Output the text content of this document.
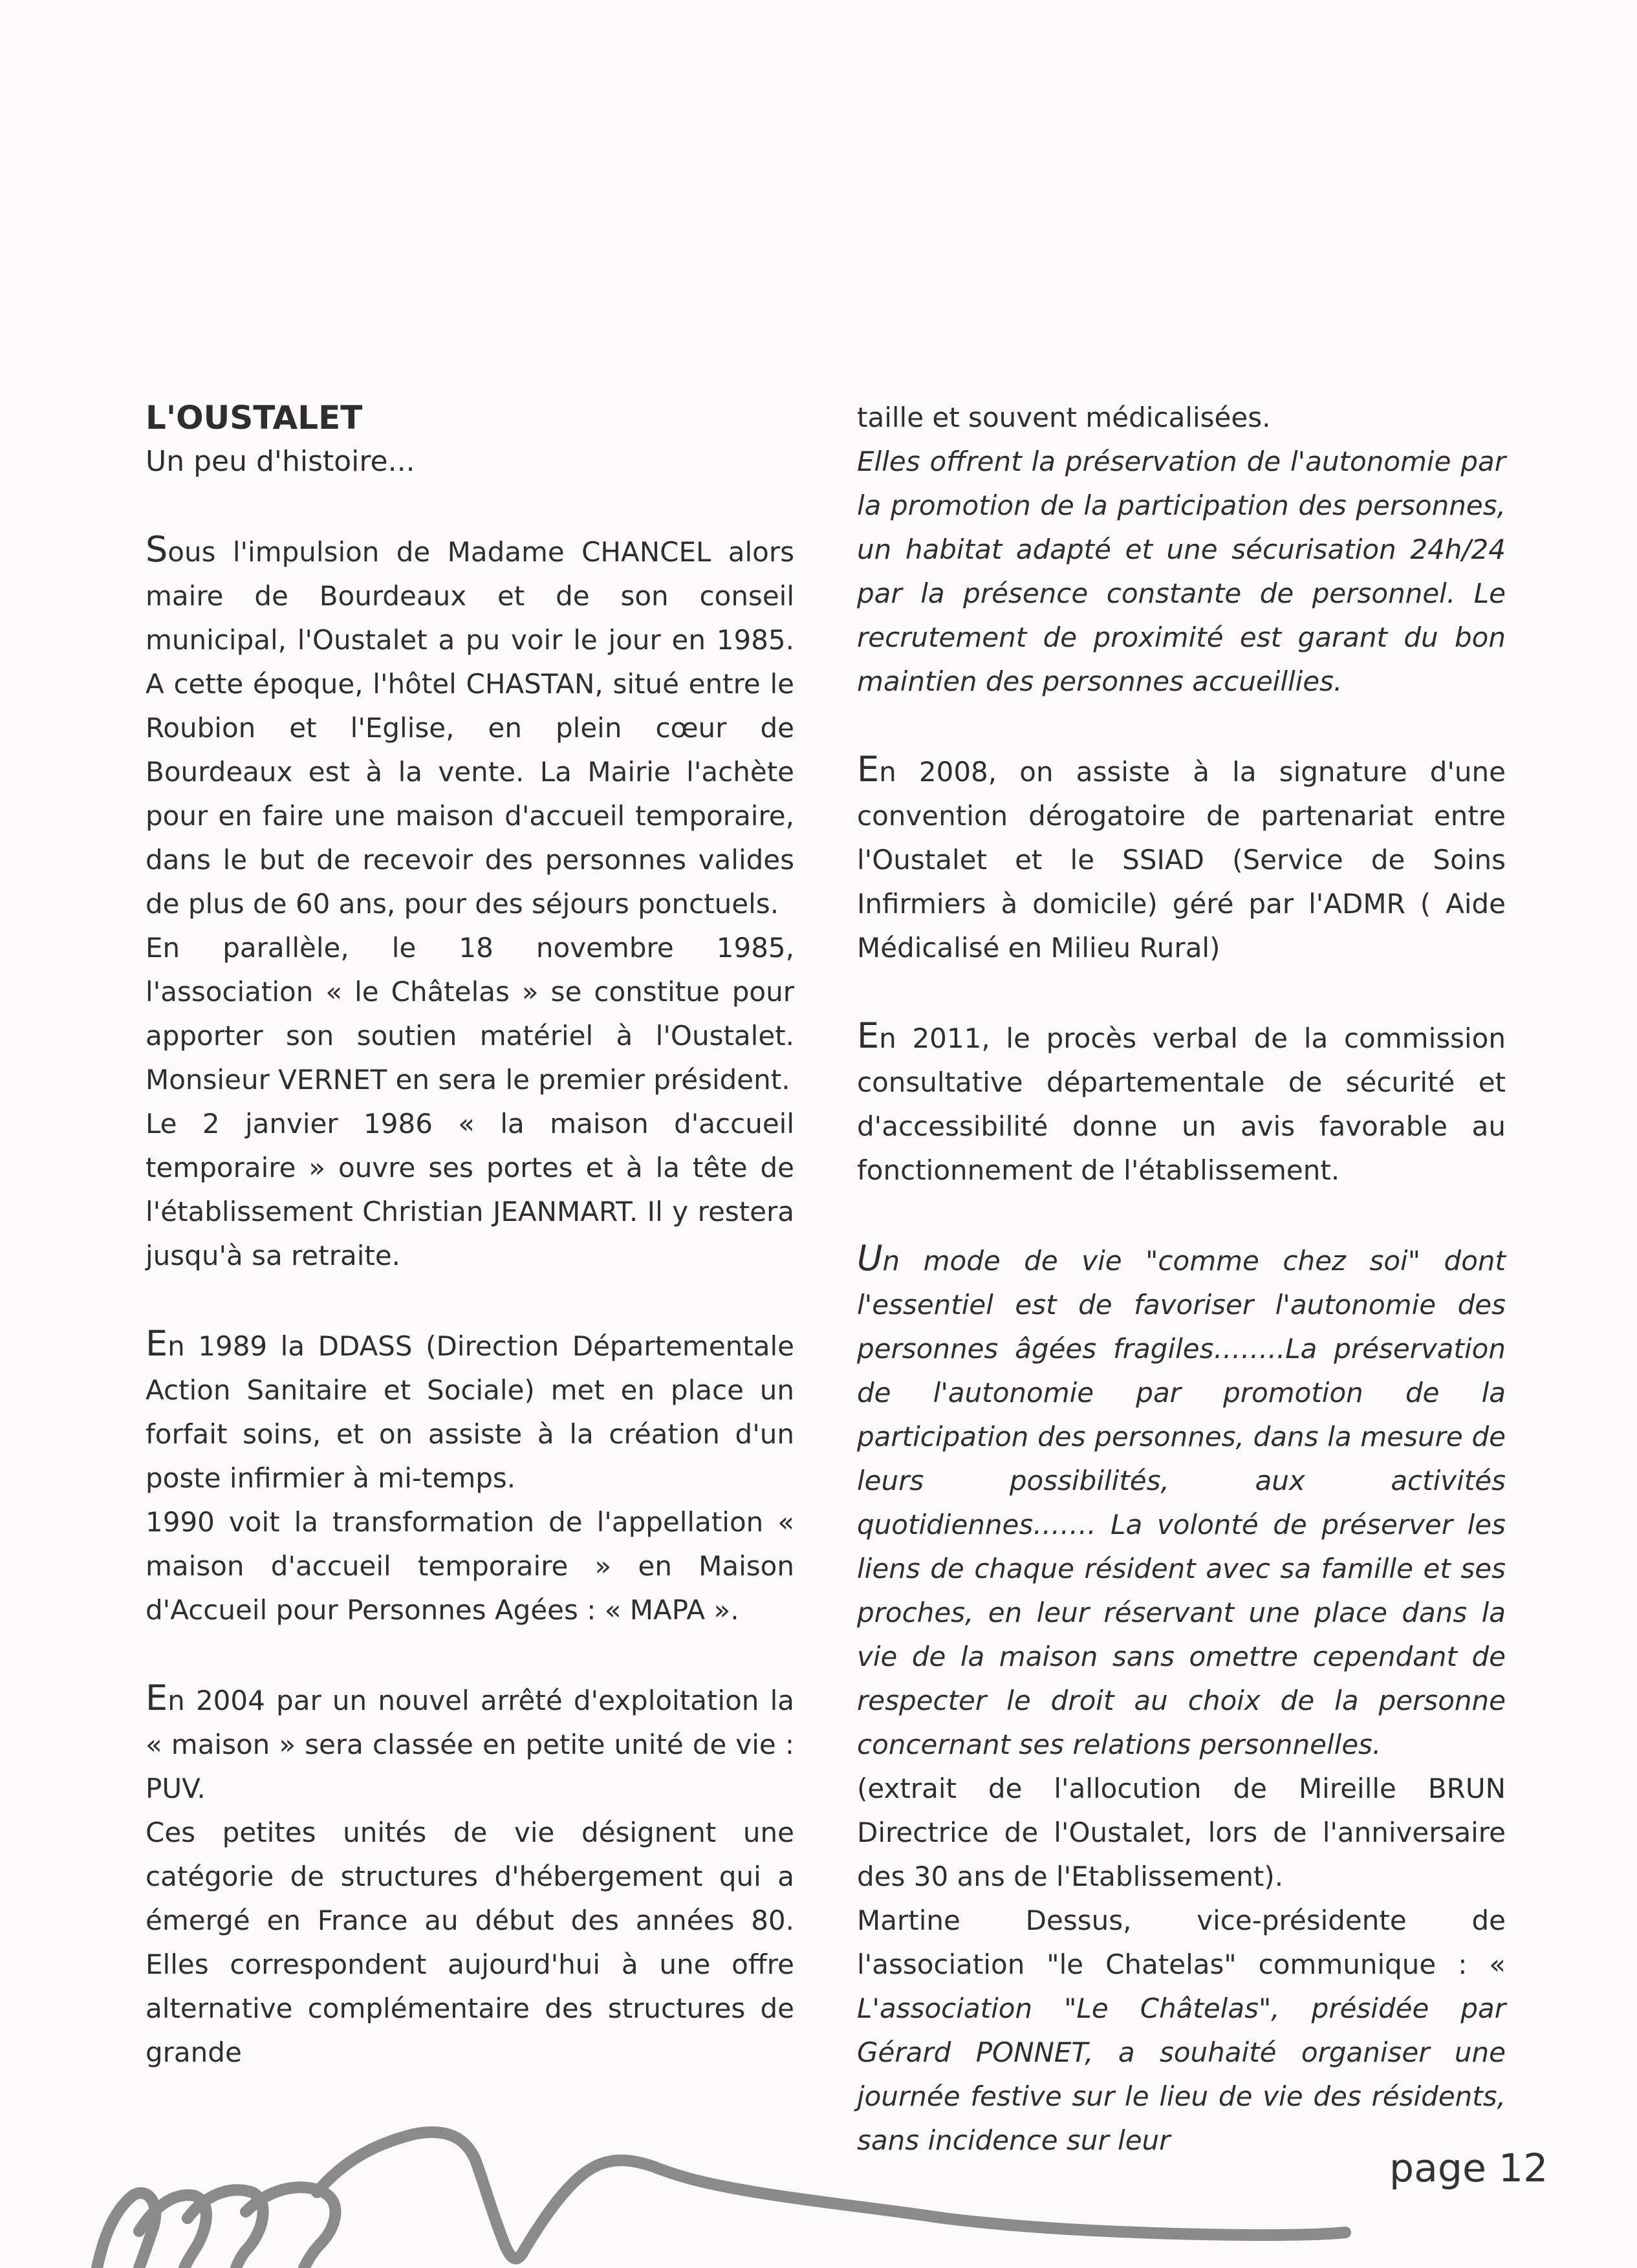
L'OUSTALET

Un peu d'histoire...

Sous l'impulsion de Madame CHANCEL alors maire de Bourdeaux et de son conseil municipal, l'Oustalet a pu voir le jour en 1985. A cette époque, l'hôtel CHASTAN, situé entre le Roubion et l'Eglise, en plein cœur de Bourdeaux est à la vente. La Mairie l'achète pour en faire une maison d'accueil temporaire, dans le but de recevoir des personnes valides de plus de 60 ans, pour des séjours ponctuels.

En parallèle, le 18 novembre 1985, l'association « le Châtelas » se constitue pour apporter son soutien matériel à l'Oustalet. Monsieur VERNET en sera le premier président.

Le 2 janvier 1986 « la maison d'accueil temporaire » ouvre ses portes et à la tête de l'établissement Christian JEANMART. Il y restera jusqu'à sa retraite.

En 1989 la DDASS (Direction Départementale Action Sanitaire et Sociale) met en place un forfait soins, et on assiste à la création d'un poste infirmier à mi-temps.

1990 voit la transformation de l'appellation « maison d'accueil temporaire » en Maison d'Accueil pour Personnes Agées : « MAPA ».

En 2004 par un nouvel arrêté d'exploitation la « maison » sera classée en petite unité de vie : PUV.

Ces petites unités de vie désignent une catégorie de structures d'hébergement qui a émergé en France au début des années 80. Elles correspondent aujourd'hui à une offre alternative complémentaire des structures de grande

taille et souvent médicalisées.

Elles offrent la préservation de l'autonomie par la promotion de la participation des personnes, un habitat adapté et une sécurisation 24h/24 par la présence constante de personnel. Le recrutement de proximité est garant du bon maintien des personnes accueillies.

En 2008, on assiste à la signature d'une convention dérogatoire de partenariat entre l'Oustalet et le SSIAD (Service de Soins Infirmiers à domicile) géré par l'ADMR ( Aide Médicalisé en Milieu Rural)

En 2011, le procès verbal de la commission consultative départementale de sécurité et d'accessibilité donne un avis favorable au fonctionnement de l'établissement.

Un mode de vie "comme chez soi" dont l'essentiel est de favoriser l'autonomie des personnes âgées fragiles……..La préservation de l'autonomie par promotion de la participation des personnes, dans la mesure de leurs possibilités, aux activités quotidiennes……. La volonté de préserver les liens de chaque résident avec sa famille et ses proches, en leur réservant une place dans la vie de la maison sans omettre cependant de respecter le droit au choix de la personne concernant ses relations personnelles.

(extrait de l'allocution de Mireille BRUN Directrice de l'Oustalet, lors de l'anniversaire des 30 ans de l'Etablissement).

Martine Dessus, vice-présidente de l'association "le Chatelas" communique : « L'association "Le Châtelas", présidée par Gérard PONNET, a souhaité organiser une journée festive sur le lieu de vie des résidents, sans incidence sur leur

page 12
